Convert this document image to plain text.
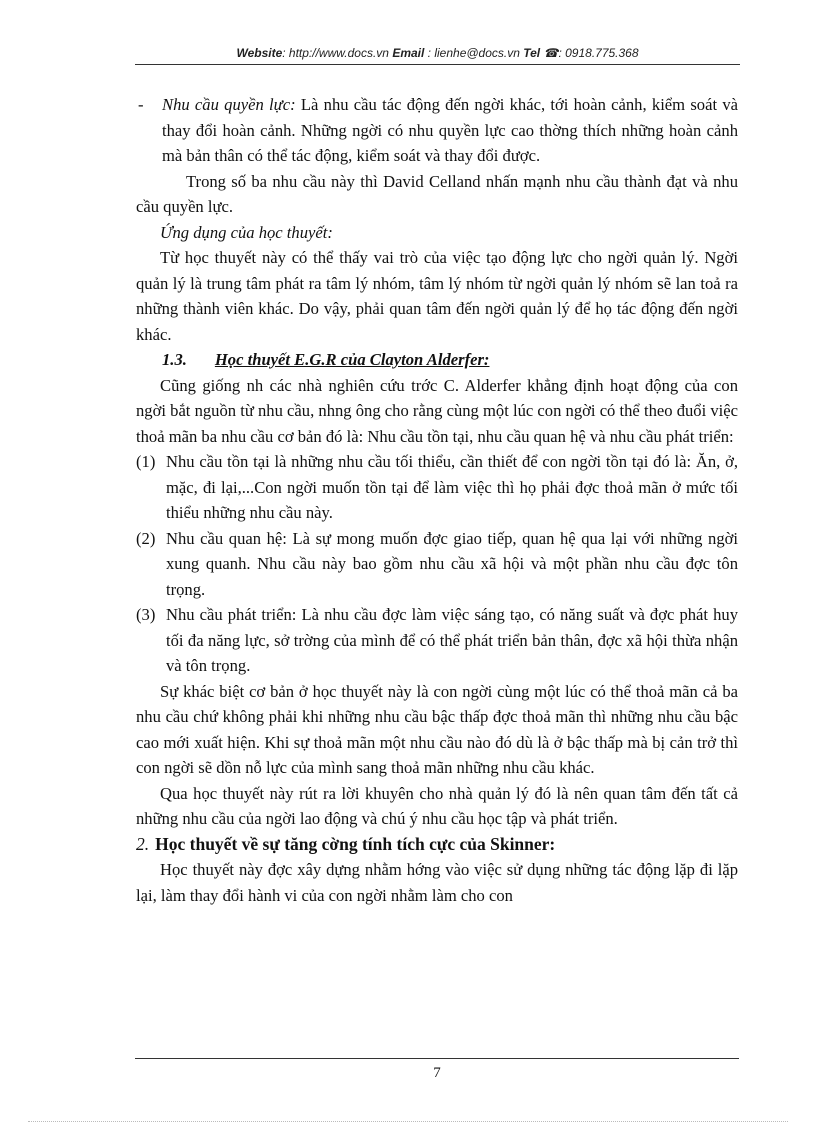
Website: http://www.docs.vn Email : lienhe@docs.vn Tel ☎: 0918.775.368

- Nhu cầu quyền lực: Là nhu cầu tác động đến ngời khác, tới hoàn cảnh, kiểm soát và thay đổi hoàn cảnh. Những ngời có nhu quyền lực cao thờng thích những hoàn cảnh mà bản thân có thể tác động, kiểm soát và thay đổi được.

Trong số ba nhu cầu này thì David Celland nhấn mạnh nhu cầu thành đạt và nhu cầu quyền lực.

Ứng dụng của học thuyết:

Từ học thuyết này có thể thấy vai trò của việc tạo động lực cho ngời quản lý. Ngời quản lý là trung tâm phát ra tâm lý nhóm, tâm lý nhóm từ ngời quản lý nhóm sẽ lan toả ra những thành viên khác. Do vậy, phải quan tâm đến ngời quản lý để họ tác động đến ngời khác.

1.3. Học thuyết E.G.R của Clayton Alderfer:

Cũng giống nh các nhà nghiên cứu trớc C. Alderfer khẳng định hoạt động của con ngời bắt nguồn từ nhu cầu, nhng ông cho rằng cùng một lúc con ngời có thể theo đuổi việc thoả mãn ba nhu cầu cơ bản đó là: Nhu cầu tồn tại, nhu cầu quan hệ và nhu cầu phát triển:

(1) Nhu cầu tồn tại là những nhu cầu tối thiểu, cần thiết để con ngời tồn tại đó là: Ăn, ở, mặc, đi lại,...Con ngời muốn tồn tại để làm việc thì họ phải đợc thoả mãn ở mức tối thiểu những nhu cầu này.

(2) Nhu cầu quan hệ: Là sự mong muốn đợc giao tiếp, quan hệ qua lại với những ngời xung quanh. Nhu cầu này bao gồm nhu cầu xã hội và một phần nhu cầu đợc tôn trọng.

(3) Nhu cầu phát triển: Là nhu cầu đợc làm việc sáng tạo, có năng suất và đợc phát huy tối đa năng lực, sở trờng của mình để có thể phát triển bản thân, đợc xã hội thừa nhận và tôn trọng.

Sự khác biệt cơ bản ở học thuyết này là con ngời cùng một lúc có thể thoả mãn cả ba nhu cầu chứ không phải khi những nhu cầu bậc thấp đợc thoả mãn thì những nhu cầu bậc cao mới xuất hiện. Khi sự thoả mãn một nhu cầu nào đó dù là ở bậc thấp mà bị cản trở thì con ngời sẽ dồn nỗ lực của mình sang thoả mãn những nhu cầu khác.

Qua học thuyết này rút ra lời khuyên cho nhà quản lý đó là nên quan tâm đến tất cả những nhu cầu của ngời lao động và chú ý nhu cầu học tập và phát triển.

2. Học thuyết về sự tăng cờng tính tích cực của Skinner:

Học thuyết này đợc xây dựng nhằm hớng vào việc sử dụng những tác động lặp đi lặp lại, làm thay đổi hành vi của con ngời nhằm làm cho con

7
